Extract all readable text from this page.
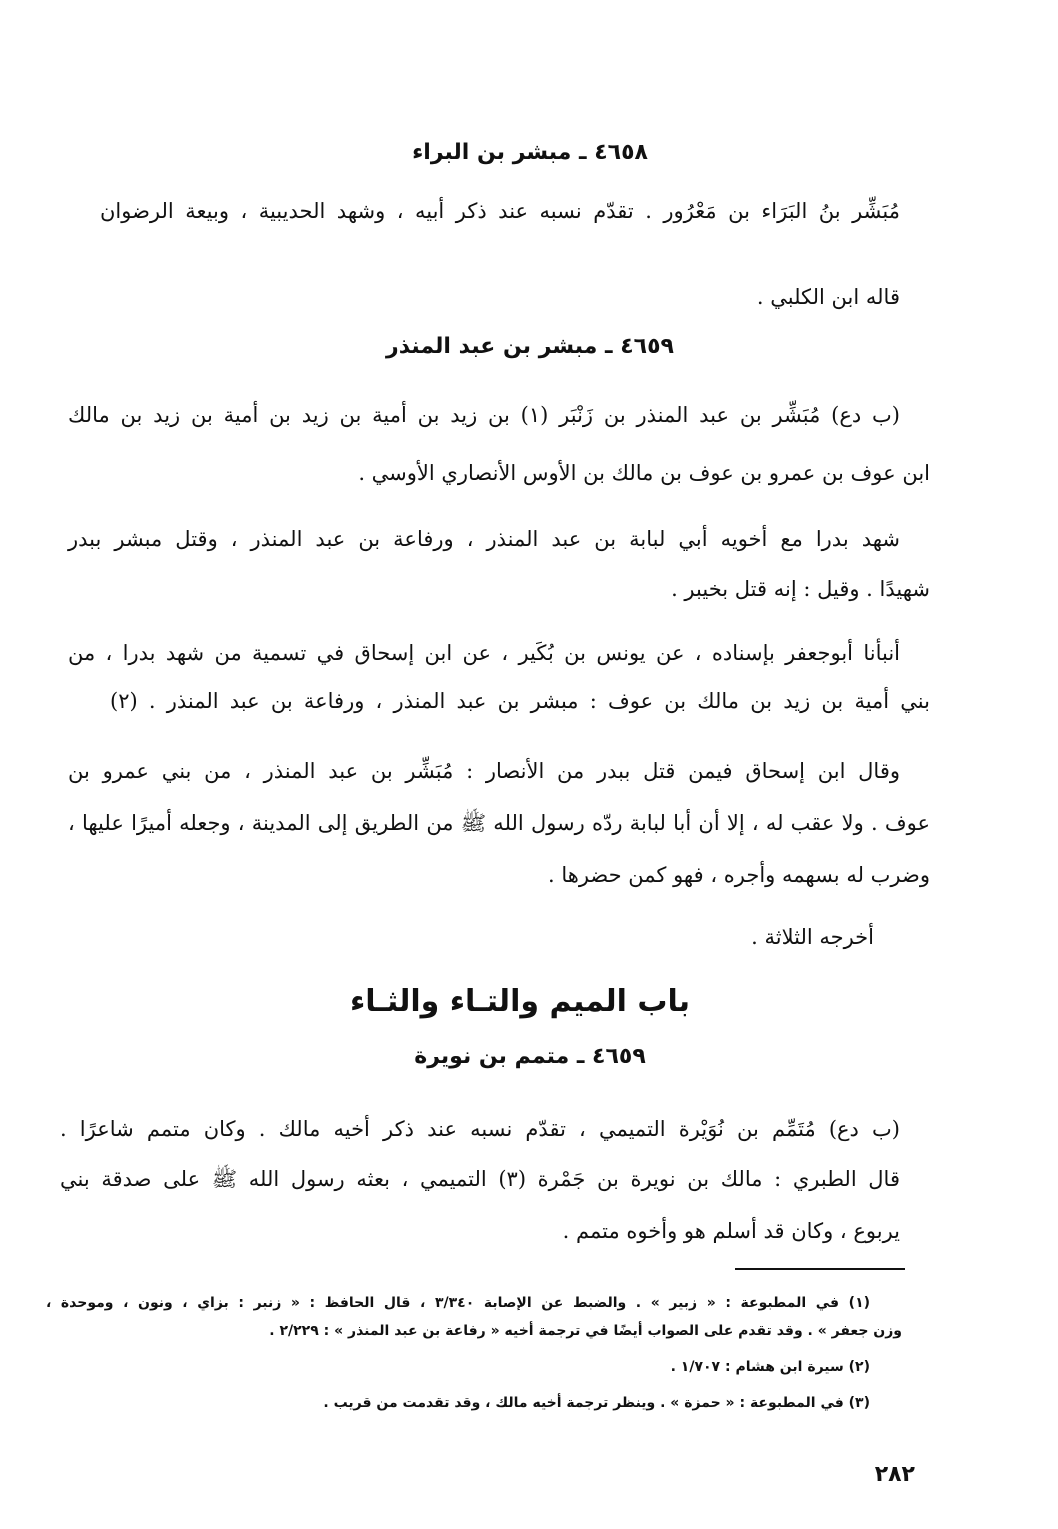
٤٦٥٨ ـ مبشر بن البراء
مُبَشِّر بنُ البَرَاء بن مَعْرُور . تقدّم نسبه عند ذكر أبيه ، وشهد الحديبية ، وبيعة الرضوان
قاله ابن الكلبي .
٤٦٥٩ ـ مبشر بن عبد المنذر
(ب دع) مُبَشِّر بن عبد المنذر بن زَنْبَر (١) بن زيد بن أمية بن زيد بن أمية بن زيد بن مالك
ابن عوف بن عمرو بن عوف بن مالك بن الأوس الأنصاري الأوسي .
شهد بدرا مع أخويه أبي لبابة بن عبد المنذر ، ورفاعة بن عبد المنذر ، وقتل مبشر ببدر
شهيدًا . وقيل : إنه قتل بخيبر .
أنبأنا أبوجعفر بإسناده ، عن يونس بن بُكَير ، عن ابن إسحاق في تسمية من شهد بدرا ، من
بني أمية بن زيد بن مالك بن عوف : مبشر بن عبد المنذر ، ورفاعة بن عبد المنذر . (٢)
وقال ابن إسحاق فيمن قتل ببدر من الأنصار : مُبَشِّر بن عبد المنذر ، من بني عمرو بن
عوف . ولا عقب له ، إلا أن أبا لبابة ردّه رسول الله ﷺ من الطريق إلى المدينة ، وجعله أميرًا عليها ،
وضرب له بسهمه وأجره ، فهو كمن حضرها .
أخرجه الثلاثة .
باب الميم والتـاء والثـاء
٤٦٥٩ ـ متمم بن نويرة
(ب دع) مُتَمِّم بن نُوَيْرة التميمي ، تقدّم نسبه عند ذكر أخيه مالك . وكان متمم شاعرًا .
قال الطبري : مالك بن نويرة بن جَمْرة (٣) التميمي ، بعثه رسول الله ﷺ على صدقة بني
يربوع ، وكان قد أسلم هو وأخوه متمم .
(١) في المطبوعة : « زبير » . والضبط عن الإصابة ٣/٣٤٠ ، قال الحافظ : « زنبر : بزاي ، ونون ، وموحدة ،
وزن جعفر » . وقد تقدم على الصواب أيضًا في ترجمة أخيه « رفاعة بن عبد المنذر » : ٢/٢٢٩ .
(٢) سيرة ابن هشام : ١/٧٠٧ .
(٣) في المطبوعة : « حمزة » . وينظر ترجمة أخيه مالك ، وقد تقدمت من قريب .
٢٨٢
